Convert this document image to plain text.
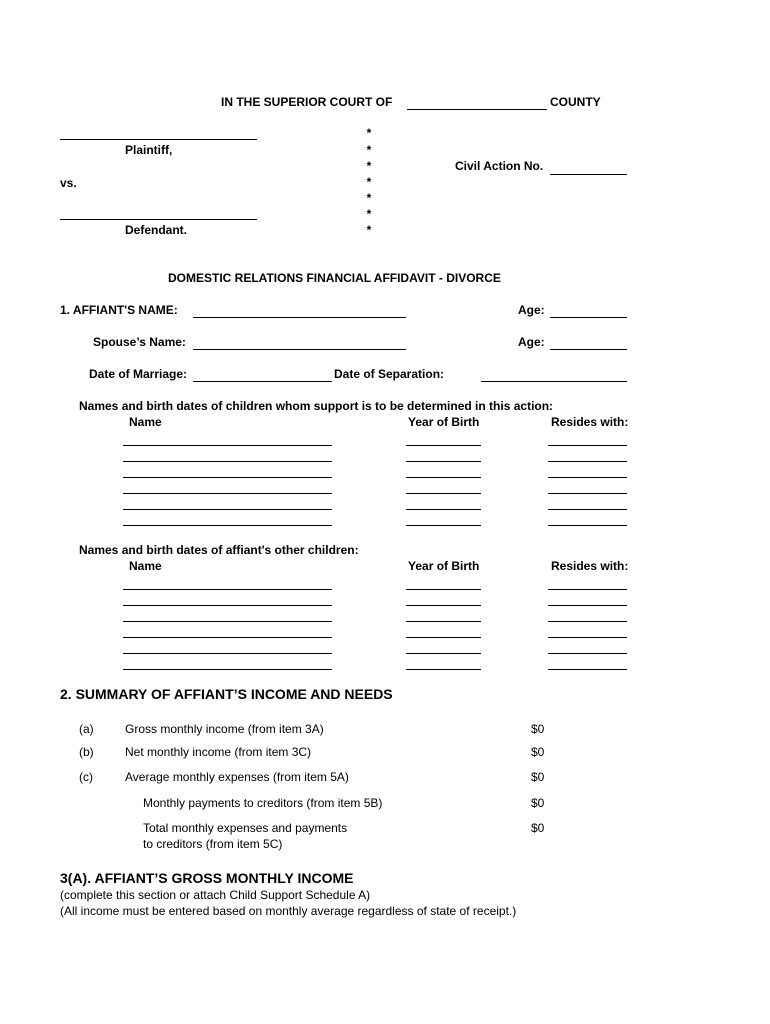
IN THE SUPERIOR COURT OF	COUNTY
Plaintiff,
vs.
Defendant.
*
*
*
*
*
*
*
Civil Action No.
DOMESTIC RELATIONS FINANCIAL AFFIDAVIT - DIVORCE
1. AFFIANT'S NAME:	Age:
Spouse’s Name:	Age:
Date of Marriage:	Date of Separation:
Names and birth dates of children whom support is to be determined in this action:
Name	Year of Birth	Resides with:
Names and birth dates of affiant's other children:
Name	Year of Birth	Resides with:
2. SUMMARY OF AFFIANT’S INCOME AND NEEDS
(a)	Gross monthly income (from item 3A)	$0
(b)	Net monthly income (from item 3C)	$0
(c)	Average monthly expenses (from item 5A)	$0
Monthly payments to creditors (from item 5B)	$0
Total monthly expenses and payments
to creditors (from item 5C)
$0
3(A). AFFIANT’S GROSS MONTHLY INCOME
(complete this section or attach Child Support Schedule A)
(All income must be entered based on monthly average regardless of state of receipt.)
